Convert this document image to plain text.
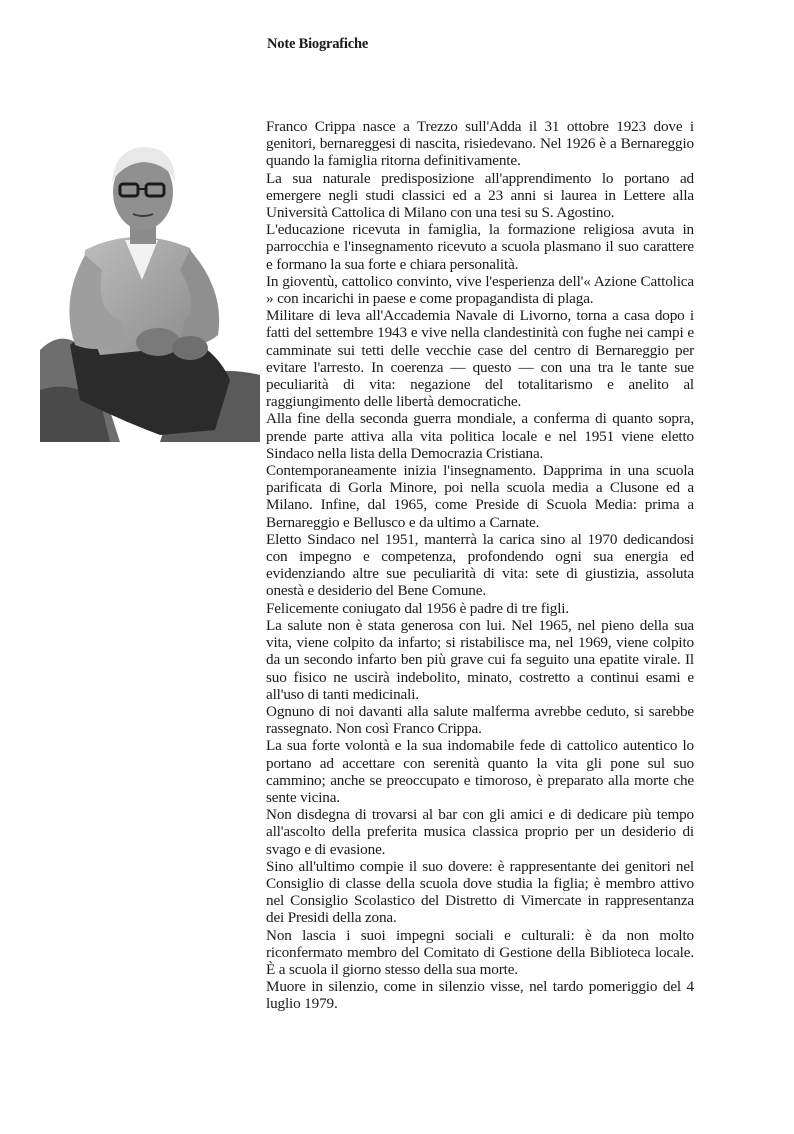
Note Biografiche

Franco Crippa nasce a Trezzo sull'Adda il 31 ottobre 1923 dove i genitori, bernareggesi di nascita, risiedevano. Nel 1926 è a Bernareggio quando la famiglia ritorna definitivamente.

La sua naturale predisposizione all'apprendimento lo portano ad emergere negli studi classici ed a 23 anni si laurea in Lettere alla Università Cattolica di Milano con una tesi su S. Agostino.

L'educazione ricevuta in famiglia, la formazione religiosa avuta in parrocchia e l'insegnamento ricevuto a scuola plasmano il suo carattere e formano la sua forte e chiara personalità.

In gioventù, cattolico convinto, vive l'esperienza dell'« Azione Cattolica » con incarichi in paese e come propagandista di plaga.

Militare di leva all'Accademia Navale di Livorno, torna a casa dopo i fatti del settembre 1943 e vive nella clandestinità con fughe nei campi e camminate sui tetti delle vecchie case del centro di Bernareggio per evitare l'arresto. In coerenza — questo — con una tra le tante sue peculiarità di vita: negazione del totalitarismo e anelito al raggiungimento delle libertà democratiche.

Alla fine della seconda guerra mondiale, a conferma di quanto sopra, prende parte attiva alla vita politica locale e nel 1951 viene eletto Sindaco nella lista della Democrazia Cristiana.

Contemporaneamente inizia l'insegnamento. Dapprima in una scuola parificata di Gorla Minore, poi nella scuola media a Clusone ed a Milano. Infine, dal 1965, come Preside di Scuola Media: prima a Bernareggio e Bellusco e da ultimo a Carnate.

Eletto Sindaco nel 1951, manterrà la carica sino al 1970 dedicandosi con impegno e competenza, profondendo ogni sua energia ed evidenziando altre sue peculiarità di vita: sete di giustizia, assoluta onestà e desiderio del Bene Comune.

Felicemente coniugato dal 1956 è padre di tre figli.

La salute non è stata generosa con lui. Nel 1965, nel pieno della sua vita, viene colpito da infarto; si ristabilisce ma, nel 1969, viene colpito da un secondo infarto ben più grave cui fa seguito una epatite virale. Il suo fisico ne uscirà indebolito, minato, costretto a continui esami e all'uso di tanti medicinali.

Ognuno di noi davanti alla salute malferma avrebbe ceduto, si sarebbe rassegnato. Non così Franco Crippa.

La sua forte volontà e la sua indomabile fede di cattolico autentico lo portano ad accettare con serenità quanto la vita gli pone sul suo cammino; anche se preoccupato e timoroso, è preparato alla morte che sente vicina.

Non disdegna di trovarsi al bar con gli amici e di dedicare più tempo all'ascolto della preferita musica classica proprio per un desiderio di svago e di evasione.

Sino all'ultimo compie il suo dovere: è rappresentante dei genitori nel Consiglio di classe della scuola dove studia la figlia; è membro attivo nel Consiglio Scolastico del Distretto di Vimercate in rappresentanza dei Presidi della zona.

Non lascia i suoi impegni sociali e culturali: è da non molto riconfermato membro del Comitato di Gestione della Biblioteca locale. È a scuola il giorno stesso della sua morte.

Muore in silenzio, come in silenzio visse, nel tardo pomeriggio del 4 luglio 1979.
